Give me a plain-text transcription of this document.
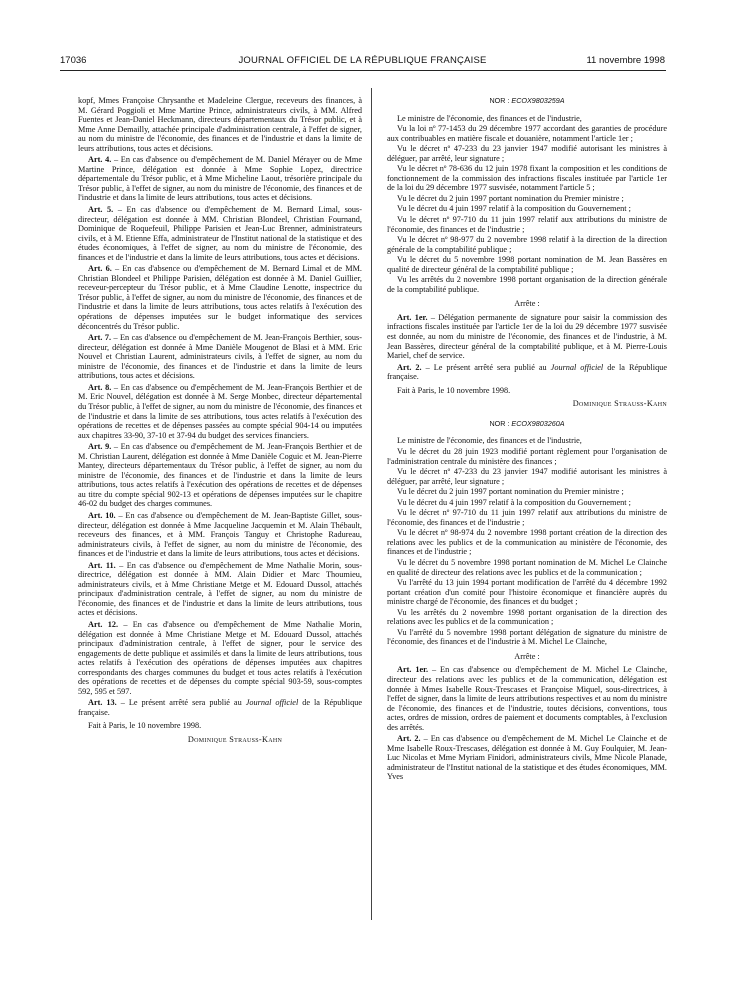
17036	JOURNAL OFFICIEL DE LA RÉPUBLIQUE FRANÇAISE	11 novembre 1998

kopf, Mmes Françoise Chrysanthe et Madeleine Clergue, receveurs des finances, à M. Gérard Poggioli et Mme Martine Prince, administrateurs civils, à MM. Alfred Fuentes et Jean-Daniel Heckmann, directeurs départementaux du Trésor public, et à Mme Anne Demailly, attachée principale d'administration centrale, à l'effet de signer, au nom du ministre de l'économie, des finances et de l'industrie et dans la limite de leurs attributions, tous actes et décisions.

Art. 4. – En cas d'absence ou d'empêchement de M. Daniel Mérayer ou de Mme Martine Prince, délégation est donnée à Mme Sophie Lopez, directrice départementale du Trésor public, et à Mme Micheline Laout, trésorière principale du Trésor public, à l'effet de signer, au nom du ministre de l'économie, des finances et de l'industrie et dans la limite de leurs attributions, tous actes et décisions.

Art. 5. – En cas d'absence ou d'empêchement de M. Bernard Limal, sous-directeur, délégation est donnée à MM. Christian Blondeel, Christian Fournand, Dominique de Roquefeuil, Philippe Parisien et Jean-Luc Brenner, administrateurs civils, et à M. Etienne Effa, administrateur de l'Institut national de la statistique et des études économiques, à l'effet de signer, au nom du ministre de l'économie, des finances et de l'industrie et dans la limite de leurs attributions, tous actes et décisions.

Art. 6. – En cas d'absence ou d'empêchement de M. Bernard Limal et de MM. Christian Blondeel et Philippe Parisien, délégation est donnée à M. Daniel Guillier, receveur-percepteur du Trésor public, et à Mme Claudine Lenotte, inspectrice du Trésor public, à l'effet de signer, au nom du ministre de l'économie, des finances et de l'industrie et dans la limite de leurs attributions, tous actes relatifs à l'exécution des opérations de dépenses imputées sur le budget informatique des services déconcentrés du Trésor public.

Art. 7. – En cas d'absence ou d'empêchement de M. Jean-François Berthier, sous-directeur, délégation est donnée à Mme Danièle Mougenot de Blasi et à MM. Eric Nouvel et Christian Laurent, administrateurs civils, à l'effet de signer, au nom du ministre de l'économie, des finances et de l'industrie et dans la limite de leurs attributions, tous actes et décisions.

Art. 8. – En cas d'absence ou d'empêchement de M. Jean-François Berthier et de M. Eric Nouvel, délégation est donnée à M. Serge Monbec, directeur départemental du Trésor public, à l'effet de signer, au nom du ministre de l'économie, des finances et de l'industrie et dans la limite de ses attributions, tous actes relatifs à l'exécution des opérations de recettes et de dépenses passées au compte spécial 904-14 ou imputées aux chapitres 33-90, 37-10 et 37-94 du budget des services financiers.

Art. 9. – En cas d'absence ou d'empêchement de M. Jean-François Berthier et de M. Christian Laurent, délégation est donnée à Mme Danièle Coguic et M. Jean-Pierre Mantey, directeurs départementaux du Trésor public, à l'effet de signer, au nom du ministre de l'économie, des finances et de l'industrie et dans la limite de leurs attributions, tous actes relatifs à l'exécution des opérations de recettes et de dépenses au titre du compte spécial 902-13 et opérations de dépenses imputées sur le chapitre 46-02 du budget des charges communes.

Art. 10. – En cas d'absence ou d'empêchement de M. Jean-Baptiste Gillet, sous-directeur, délégation est donnée à Mme Jacqueline Jacquemin et M. Alain Thébault, receveurs des finances, et à MM. François Tanguy et Christophe Radureau, administrateurs civils, à l'effet de signer, au nom du ministre de l'économie, des finances et de l'industrie et dans la limite de leurs attributions, tous actes et décisions.

Art. 11. – En cas d'absence ou d'empêchement de Mme Nathalie Morin, sous-directrice, délégation est donnée à MM. Alain Didier et Marc Thoumieu, administrateurs civils, et à Mme Christiane Metge et M. Edouard Dussol, attachés principaux d'administration centrale, à l'effet de signer, au nom du ministre de l'économie, des finances et de l'industrie et dans la limite de leurs attributions, tous actes et décisions.

Art. 12. – En cas d'absence ou d'empêchement de Mme Nathalie Morin, délégation est donnée à Mme Christiane Metge et M. Edouard Dussol, attachés principaux d'administration centrale, à l'effet de signer, pour le service des engagements de dette publique et assimilés et dans la limite de leurs attributions, tous actes relatifs à l'exécution des opérations de dépenses imputées aux chapitres correspondants des charges communes du budget et tous actes relatifs à l'exécution des opérations de recettes et de dépenses du compte spécial 903-59, sous-comptes 592, 595 et 597.

Art. 13. – Le présent arrêté sera publié au Journal officiel de la République française.

Fait à Paris, le 10 novembre 1998.

Dominique Strauss-Kahn

NOR : ECOX9803259A

Le ministre de l'économie, des finances et de l'industrie,

Vu la loi nº 77-1453 du 29 décembre 1977 accordant des garanties de procédure aux contribuables en matière fiscale et douanière, notamment l'article 1er ;

Vu le décret nº 47-233 du 23 janvier 1947 modifié autorisant les ministres à déléguer, par arrêté, leur signature ;

Vu le décret nº 78-636 du 12 juin 1978 fixant la composition et les conditions de fonctionnement de la commission des infractions fiscales instituée par l'article 1er de la loi du 29 décembre 1977 susvisée, notamment l'article 5 ;

Vu le décret du 2 juin 1997 portant nomination du Premier ministre ;

Vu le décret du 4 juin 1997 relatif à la composition du Gouvernement ;

Vu le décret nº 97-710 du 11 juin 1997 relatif aux attributions du ministre de l'économie, des finances et de l'industrie ;

Vu le décret nº 98-977 du 2 novembre 1998 relatif à la direction de la direction générale de la comptabilité publique ;

Vu le décret du 5 novembre 1998 portant nomination de M. Jean Bassères en qualité de directeur général de la comptabilité publique ;

Vu les arrêtés du 2 novembre 1998 portant organisation de la direction générale de la comptabilité publique.

Arrête :

Art. 1er. – Délégation permanente de signature pour saisir la commission des infractions fiscales instituée par l'article 1er de la loi du 29 décembre 1977 susvisée est donnée, au nom du ministre de l'économie, des finances et de l'industrie, à M. Jean Bassères, directeur général de la comptabilité publique, et à M. Pierre-Louis Mariel, chef de service.

Art. 2. – Le présent arrêté sera publié au Journal officiel de la République française.

Fait à Paris, le 10 novembre 1998.

Dominique Strauss-Kahn

NOR : ECOX9803260A

Le ministre de l'économie, des finances et de l'industrie,

Vu le décret du 28 juin 1923 modifié portant règlement pour l'organisation de l'administration centrale du ministère des finances ;

Vu le décret nº 47-233 du 23 janvier 1947 modifié autorisant les ministres à déléguer, par arrêté, leur signature ;

Vu le décret du 2 juin 1997 portant nomination du Premier ministre ;

Vu le décret du 4 juin 1997 relatif à la composition du Gouvernement ;

Vu le décret nº 97-710 du 11 juin 1997 relatif aux attributions du ministre de l'économie, des finances et de l'industrie ;

Vu le décret nº 98-974 du 2 novembre 1998 portant création de la direction des relations avec les publics et de la communication au ministère de l'économie, des finances et de l'industrie ;

Vu le décret du 5 novembre 1998 portant nomination de M. Michel Le Clainche en qualité de directeur des relations avec les publics et de la communication ;

Vu l'arrêté du 13 juin 1994 portant modification de l'arrêté du 4 décembre 1992 portant création d'un comité pour l'histoire économique et financière auprès du ministre chargé de l'économie, des finances et du budget ;

Vu les arrêtés du 2 novembre 1998 portant organisation de la direction des relations avec les publics et de la communication ;

Vu l'arrêté du 5 novembre 1998 portant délégation de signature du ministre de l'économie, des finances et de l'industrie à M. Michel Le Clainche,

Arrête :

Art. 1er. – En cas d'absence ou d'empêchement de M. Michel Le Clainche, directeur des relations avec les publics et de la communication, délégation est donnée à Mmes Isabelle Roux-Trescases et Françoise Miquel, sous-directrices, à l'effet de signer, dans la limite de leurs attributions respectives et au nom du ministre de l'économie, des finances et de l'industrie, toutes décisions, conventions, tous actes, ordres de mission, ordres de paiement et documents comptables, à l'exclusion des arrêtés.

Art. 2. – En cas d'absence ou d'empêchement de M. Michel Le Clainche et de Mme Isabelle Roux-Trescases, délégation est donnée à M. Guy Foulquier, M. Jean-Luc Nicolas et Mme Myriam Finidori, administrateurs civils, Mme Nicole Planade, administrateur de l'Institut national de la statistique et des études économiques, MM. Yves
